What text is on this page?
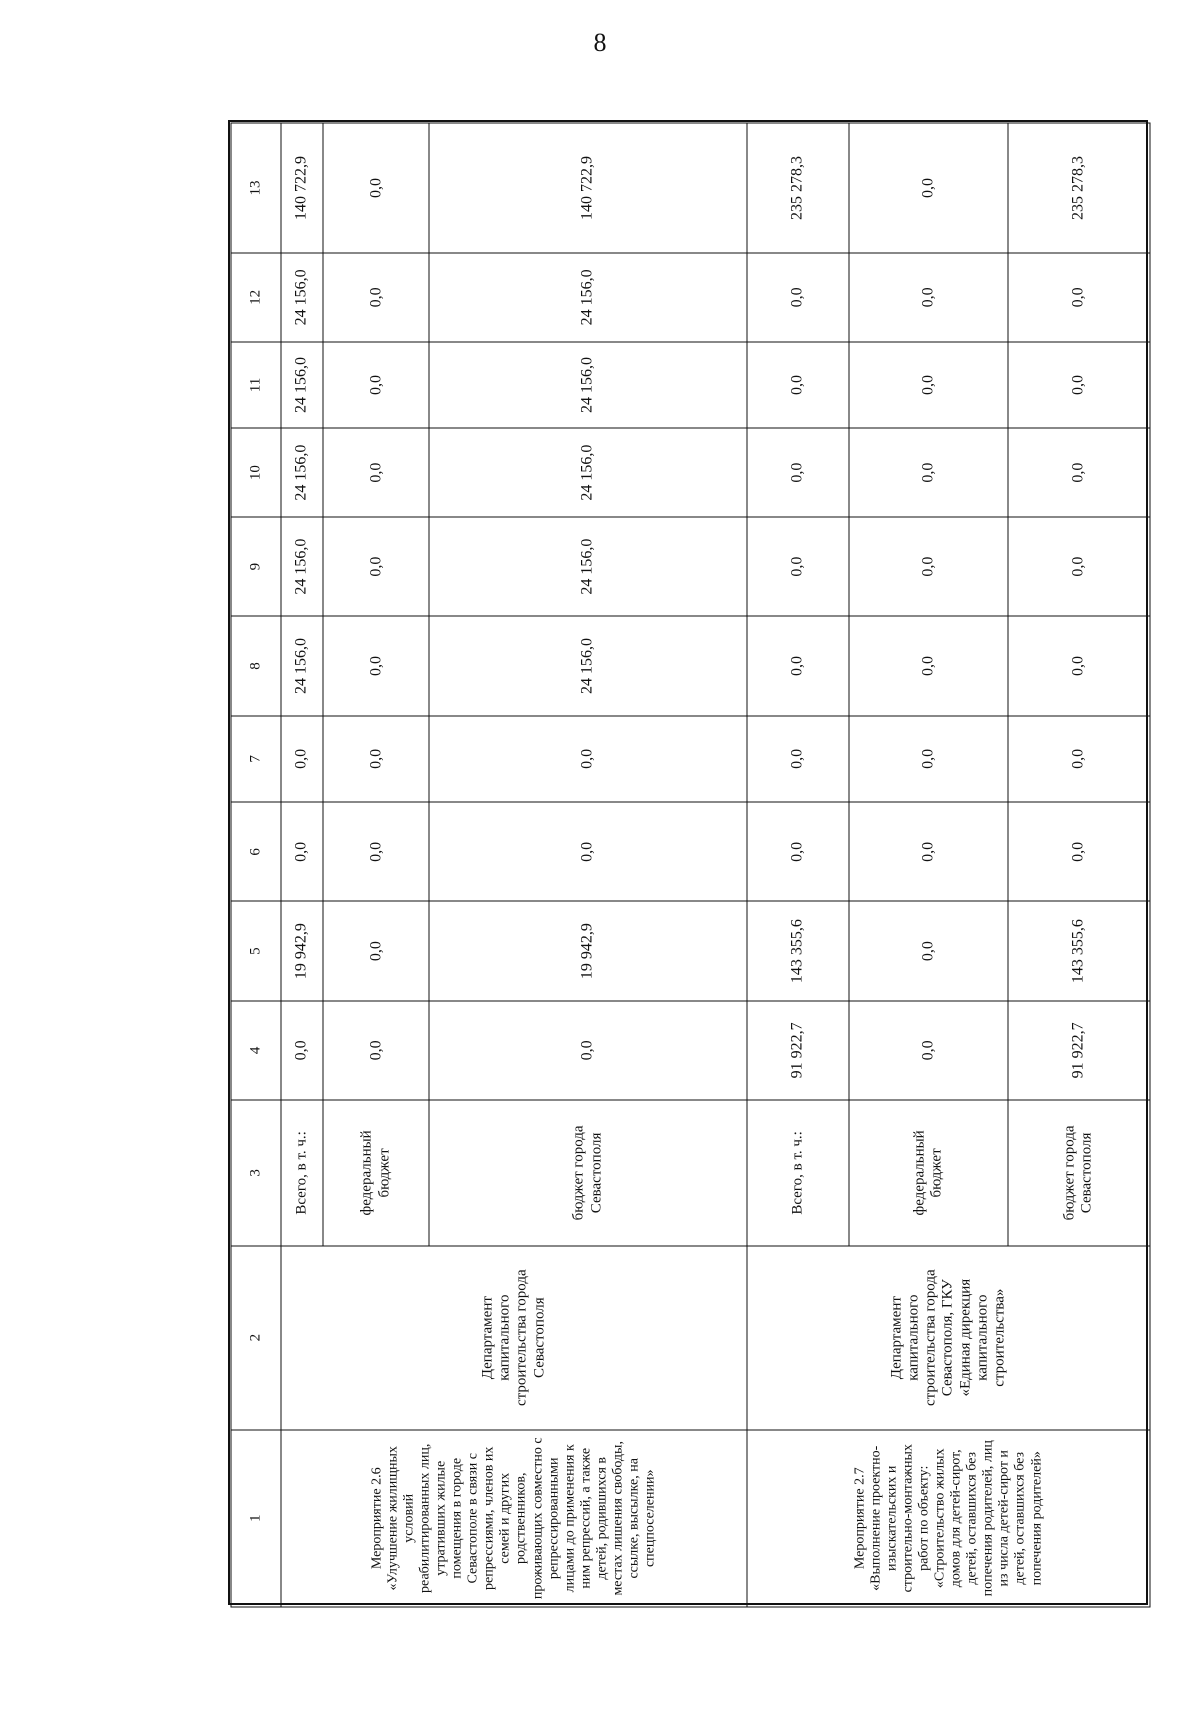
8
1	2	3	4	5	6	7	8	9	10	11	12	13
Мероприятие 2.6 «Улучшение жилищных условий реабилитированных лиц, утративших жилые помещения в городе Севастополе в связи с репрессиями, членов их семей и других родственников, проживающих совместно с репрессированными лицами до применения к ним репрессий, а также детей, родившихся в местах лишения свободы, ссылке, высылке, на спецпоселении»	Департамент капитального строительства города Севастополя	Всего, в т. ч.:	0,0	19 942,9	0,0	0,0	24 156,0	24 156,0	24 156,0	24 156,0	24 156,0	140 722,9
		федеральный бюджет	0,0	0,0	0,0	0,0	0,0	0,0	0,0	0,0	0,0	0,0
		бюджет города Севастополя	0,0	19 942,9	0,0	0,0	24 156,0	24 156,0	24 156,0	24 156,0	24 156,0	140 722,9
Мероприятие 2.7 «Выполнение проектно-изыскательских и строительно-монтажных работ по объекту: «Строительство жилых домов для детей-сирот, детей, оставшихся без попечения родителей, лиц из числа детей-сирот и детей, оставшихся без попечения родителей»	Департамент капитального строительства города Севастополя, ГКУ «Единая дирекция капитального строительства»	Всего, в т. ч.:	91 922,7	143 355,6	0,0	0,0	0,0	0,0	0,0	0,0	0,0	235 278,3
		федеральный бюджет	0,0	0,0	0,0	0,0	0,0	0,0	0,0	0,0	0,0	0,0
		бюджет города Севастополя	91 922,7	143 355,6	0,0	0,0	0,0	0,0	0,0	0,0	0,0	235 278,3
